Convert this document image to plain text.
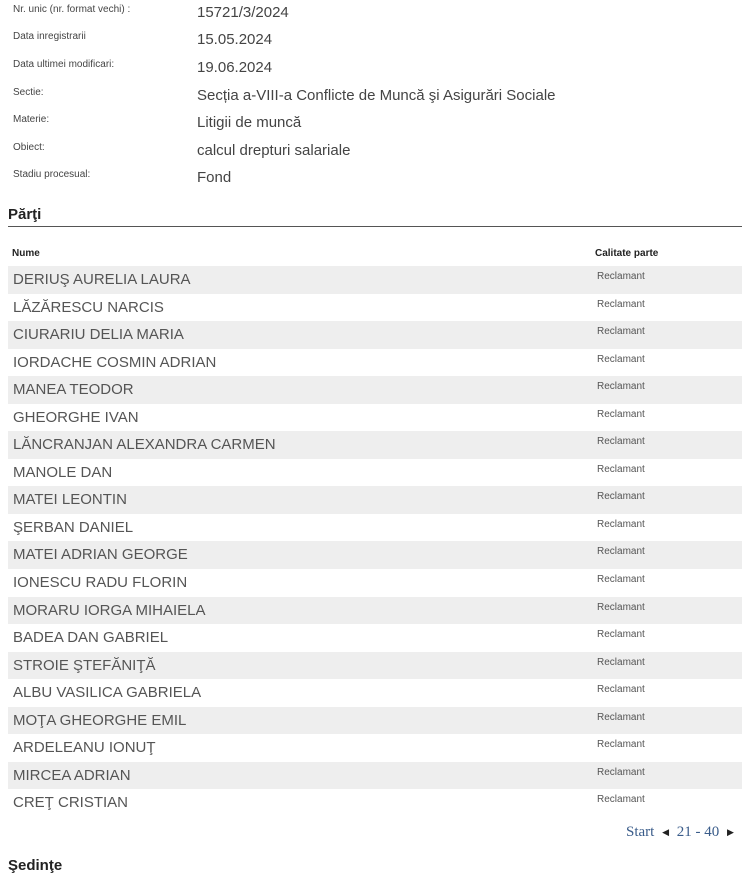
Nr. unic (nr. format vechi) :	15721/3/2024
Data inregistrarii	15.05.2024
Data ultimei modificari:	19.06.2024
Sectie:	Secția a-VIII-a Conflicte de Muncă şi Asigurări Sociale
Materie:	Litigii de muncă
Obiect:	calcul drepturi salariale
Stadiu procesual:	Fond
Părţi
Nume	Calitate parte
DERIUŞ AURELIA LAURA	Reclamant
LĂZĂRESCU NARCIS	Reclamant
CIURARIU DELIA MARIA	Reclamant
IORDACHE COSMIN ADRIAN	Reclamant
MANEA TEODOR	Reclamant
GHEORGHE IVAN	Reclamant
LĂNCRANJAN ALEXANDRA CARMEN	Reclamant
MANOLE DAN	Reclamant
MATEI LEONTIN	Reclamant
ŞERBAN DANIEL	Reclamant
MATEI ADRIAN GEORGE	Reclamant
IONESCU RADU FLORIN	Reclamant
MORARU IORGA MIHAIELA	Reclamant
BADEA DAN GABRIEL	Reclamant
STROIE ŞTEFĂNIŢĂ	Reclamant
ALBU VASILICA GABRIELA	Reclamant
MOŢA GHEORGHE EMIL	Reclamant
ARDELEANU IONUŢ	Reclamant
MIRCEA ADRIAN	Reclamant
CREŢ CRISTIAN	Reclamant
Start ◀ 21 - 40 ▶
Şedinţe
